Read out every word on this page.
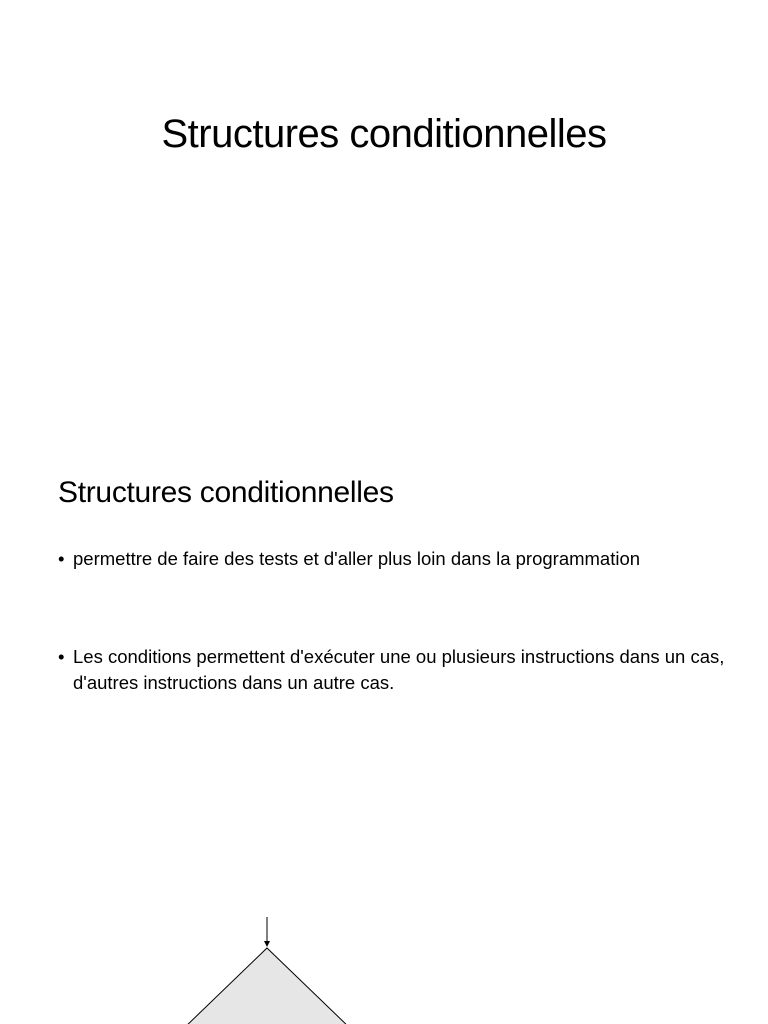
Structures conditionnelles
Structures conditionnelles
• permettre de faire des tests et d'aller plus loin dans la programmation
• Les conditions permettent d'exécuter une ou plusieurs instructions dans un cas, d'autres instructions dans un autre cas.
